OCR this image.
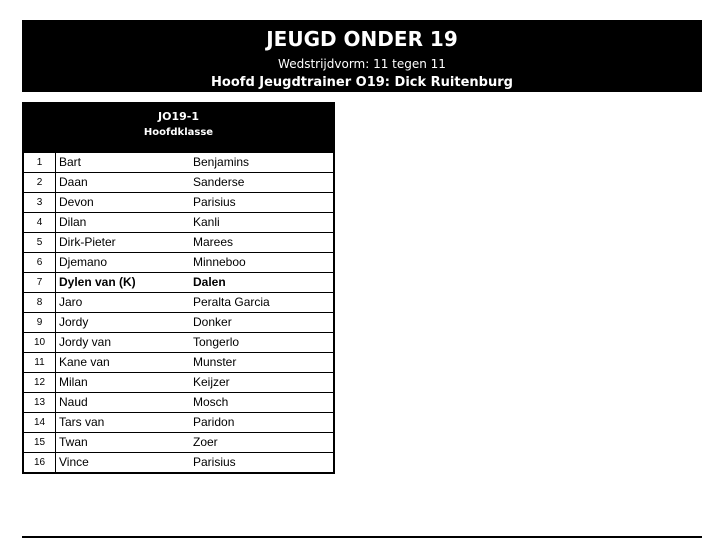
JEUGD ONDER 19
Wedstrijdvorm: 11 tegen 11
Hoofd Jeugdtrainer O19: Dick Ruitenburg
JO19-1
Hoofdklasse
1	Bart	Benjamins
2	Daan	Sanderse
3	Devon	Parisius
4	Dilan	Kanli
5	Dirk-Pieter	Marees
6	Djemano	Minneboo
7	Dylen van (K)	Dalen
8	Jaro	Peralta Garcia
9	Jordy	Donker
10	Jordy van	Tongerlo
11	Kane van	Munster
12	Milan	Keijzer
13	Naud	Mosch
14	Tars van	Paridon
15	Twan	Zoer
16	Vince	Parisius
